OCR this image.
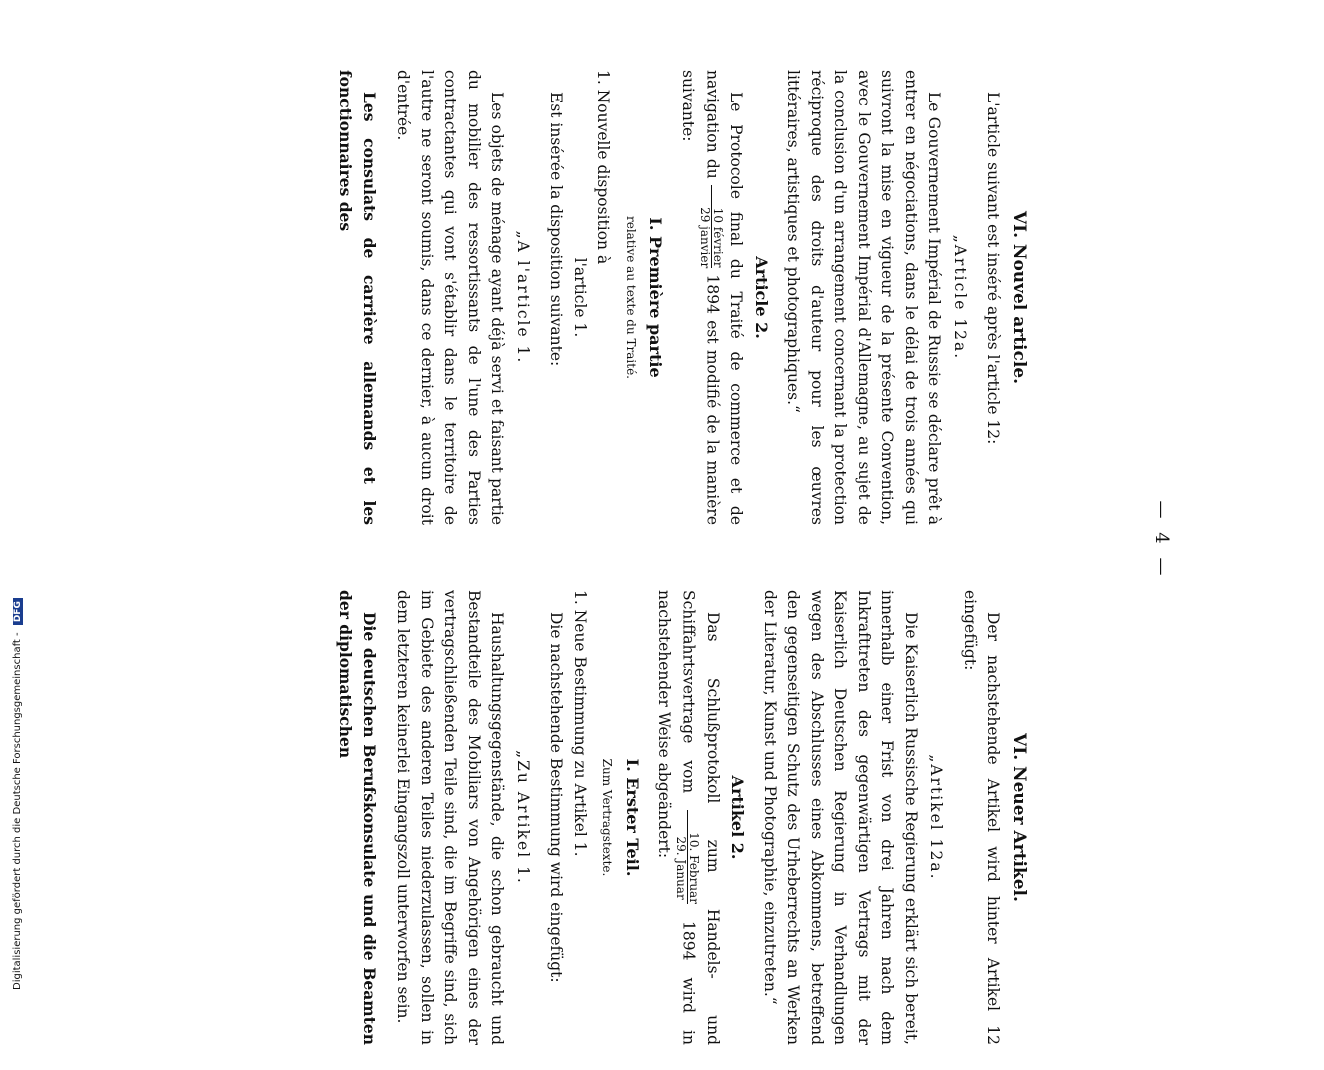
Digitalisierung gefördert durch die Deutsche Forschungsgemeinschaft - DFG
— 4 —
VI. Nouvel article.

L'article suivant est inséré après l'article 12:

„Article 12a.

Le Gouvernement Impérial de Russie se déclare prêt à entrer en négociations, dans le délai de trois années qui suivront la mise en vigueur de la présente Convention, avec le Gouvernement Impérial d'Allemagne, au sujet de la conclusion d'un arrangement concernant la protection réciproque des droits d'auteur pour les œuvres littéraires, artistiques et photographiques.“

Article 2.

Le Protocole final du Traité de commerce et de navigation du
10 février
29 janvier
1894 est modifié de la manière suivante:

I. Première partie
relative au texte du Traité.
1. Nouvelle disposition à
l'article 1.

Est insérée la disposition suivante:

„A l'article 1.

Les objets de ménage ayant déjà servi et faisant partie du mobilier des ressortissants de l'une des Parties contractantes qui vont s'établir dans le territoire de l'autre ne seront soumis, dans ce dernier, à aucun droit d'entrée.

Les consulats de carrière allemands et les fonctionnaires des

VI. Neuer Artikel.

Der nachstehende Artikel wird hinter Artikel 12 eingefügt:

„Artikel 12a.

Die Kaiserlich Russische Regierung erklärt sich bereit, innerhalb einer Frist von drei Jahren nach dem Inkrafttreten des gegenwärtigen Vertrags mit der Kaiserlich Deutschen Regierung in Verhandlungen wegen des Abschlusses eines Abkommens, betreffend den gegenseitigen Schutz des Urheberrechts an Werken der Literatur, Kunst und Photographie, einzutreten.“

Artikel 2.

Das Schlußprotokoll zum Handels- und Schiffahrtsvertrage vom
10. Februar
29. Januar
1894 wird in nachstehender Weise abgeändert:

I. Erster Teil.
Zum Vertragstexte.
1. Neue Bestimmung zu Artikel 1.

Die nachstehende Bestimmung wird eingefügt:

„Zu Artikel 1.

Haushaltungsgegenstände, die schon gebraucht und Bestandteile des Mobiliars von Angehörigen eines der vertragschließenden Teile sind, die im Begriffe sind, sich im Gebiete des anderen Teiles niederzulassen, sollen in dem letzteren keinerlei Eingangszoll unterworfen sein.

Die deutschen Berufskonsulate und die Beamten der diplomatischen
